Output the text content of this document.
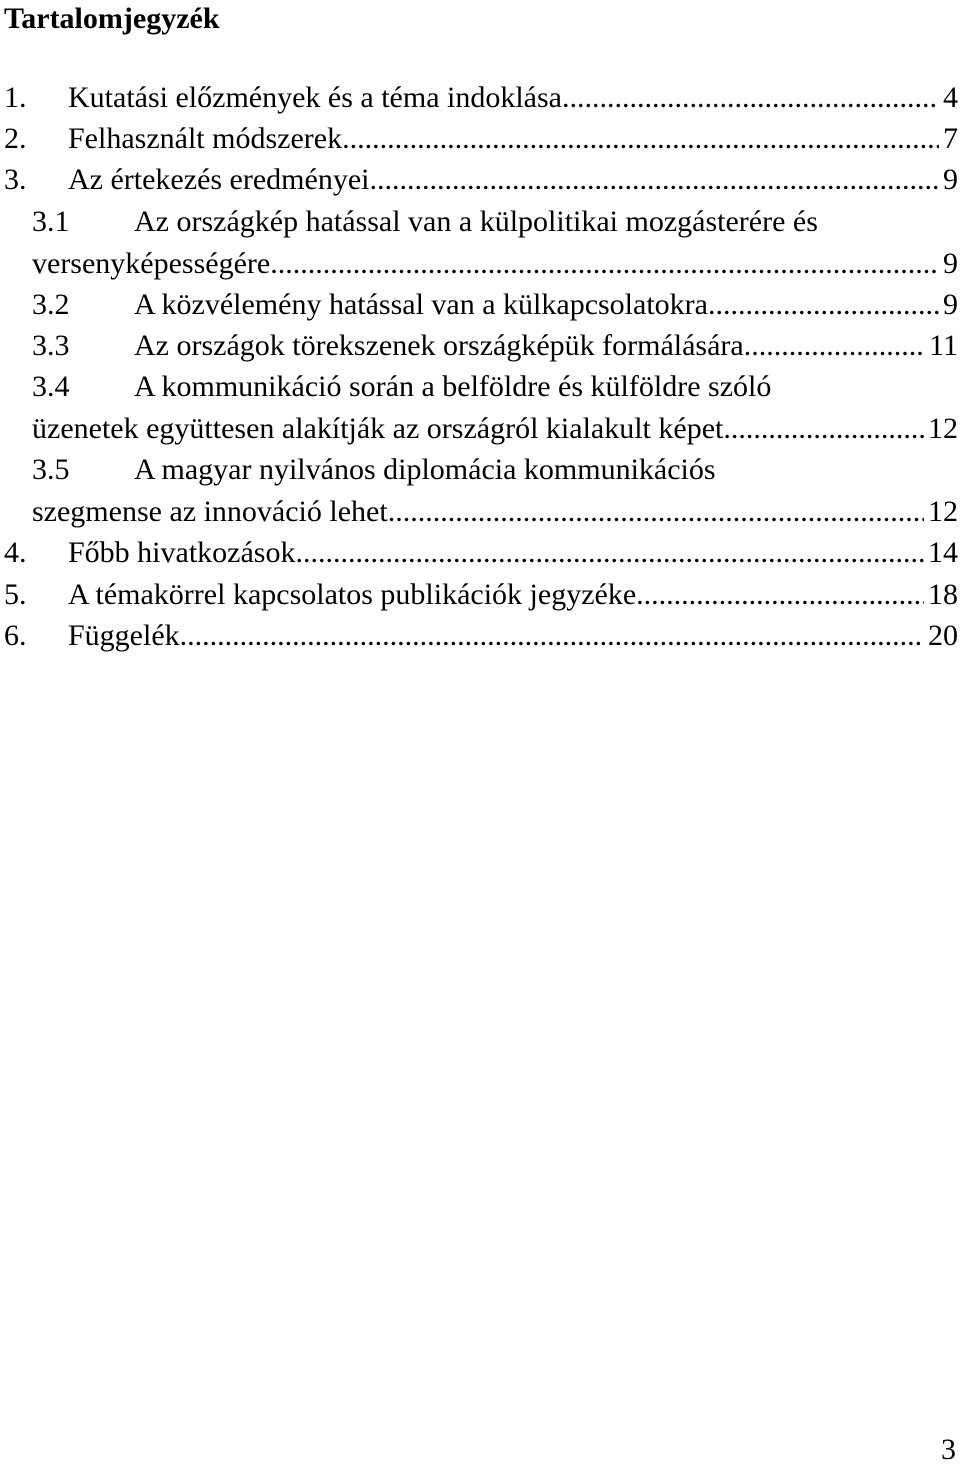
Tartalomjegyzék
1. Kutatási előzmények és a téma indoklása .....	4
2. Felhasznált módszerek .....	7
3. Az értekezés eredményei .....	9
3.1 Az országkép hatással van a külpolitikai mozgásterére és
versenyképességére .....	9
3.2 A közvélemény hatással van a külkapcsolatokra .....	9
3.3 Az országok törekszenek országképük formálására .....	11
3.4 A kommunikáció során a belföldre és külföldre szóló
üzenetek együttesen alakítják az országról kialakult képet .....	12
3.5 A magyar nyilvános diplomácia kommunikációs
szegmense az innováció lehet .....	12
4. Főbb hivatkozások .....	14
5. A témakörrel kapcsolatos publikációk jegyzéke .....	18
6. Függelék .....	20
3
